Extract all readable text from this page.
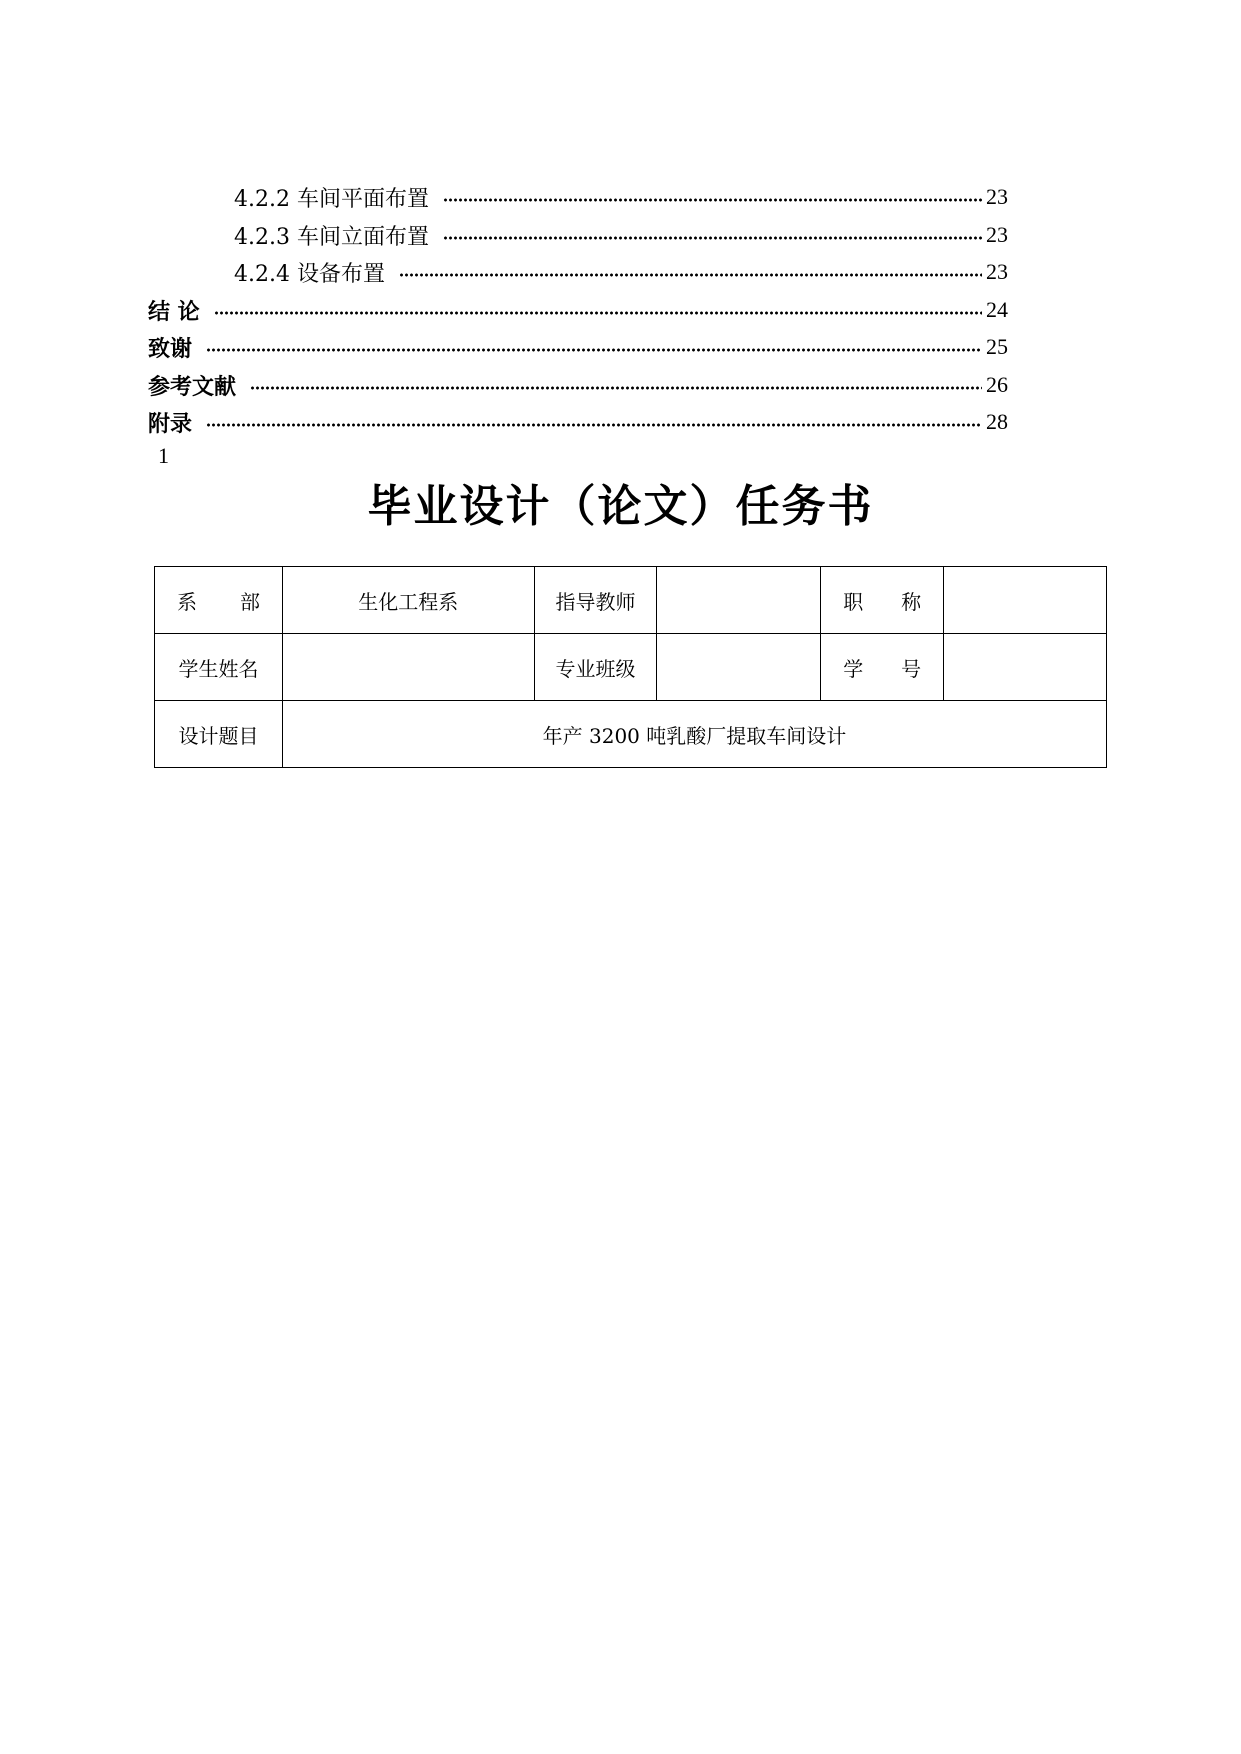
4.2.2 车间平面布置	23
4.2.3 车间立面布置	23
4.2.4 设备布置	23
结 论	24
致谢	25
参考文献	26
附录	28
1
毕业设计（论文）任务书
系 部	生化工程系	指导教师		职 称	

学生姓名		专业班级		学 号	

设计题目	年产 3200 吨乳酸厂提取车间设计				
